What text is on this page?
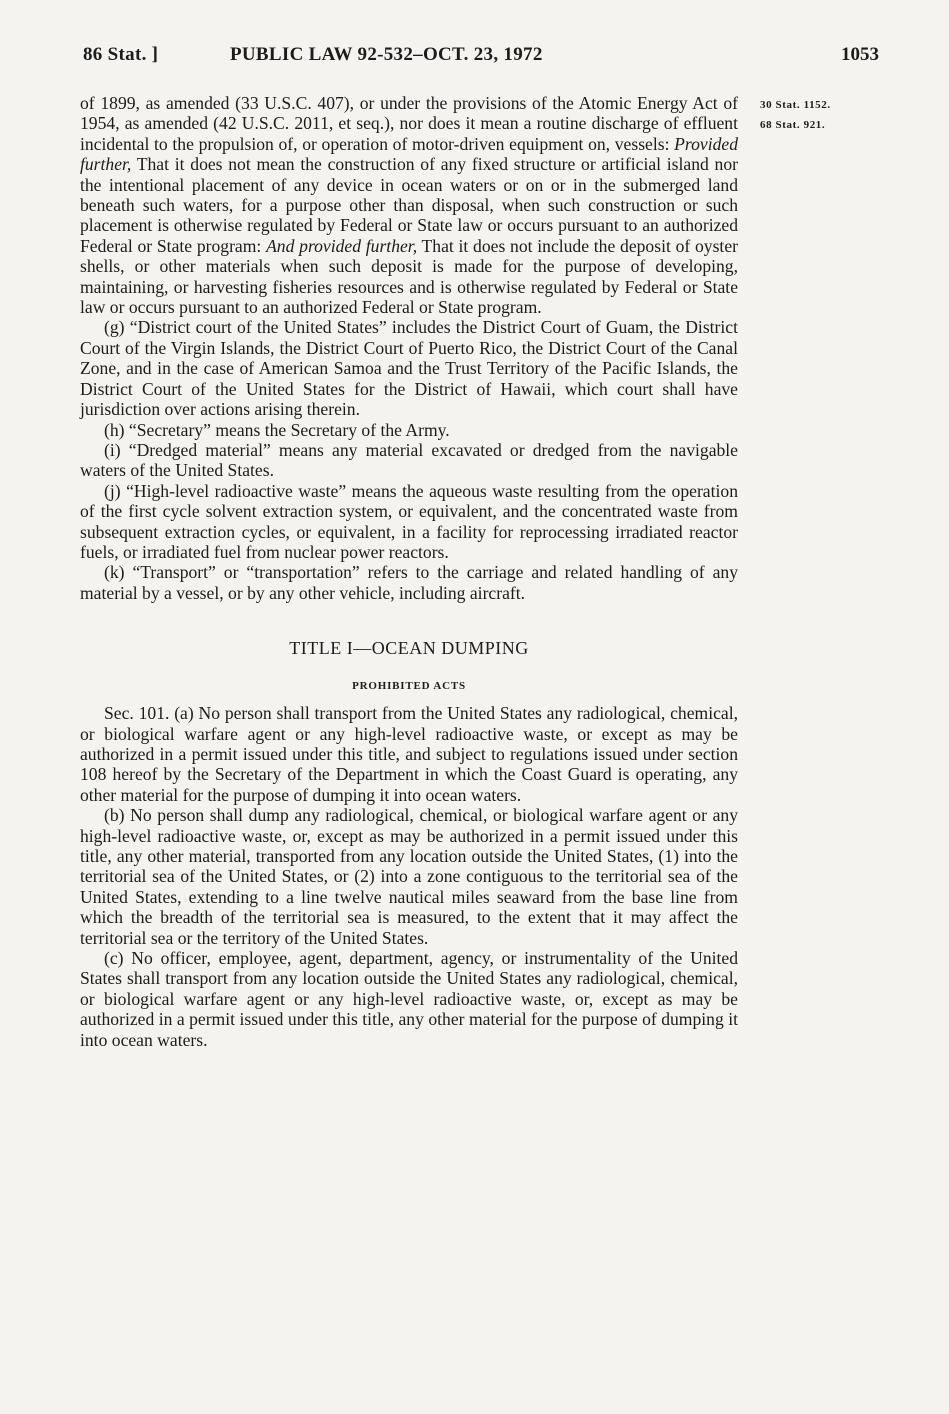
86 Stat. ]	PUBLIC LAW 92-532–OCT. 23, 1972	1053
30 Stat. 1152.
68 Stat. 921.

of 1899, as amended (33 U.S.C. 407), or under the provisions of the Atomic Energy Act of 1954, as amended (42 U.S.C. 2011, et seq.), nor does it mean a routine discharge of effluent incidental to the propulsion of, or operation of motor-driven equipment on, vessels: Provided further, That it does not mean the construction of any fixed structure or artificial island nor the intentional placement of any device in ocean waters or on or in the submerged land beneath such waters, for a purpose other than disposal, when such construction or such placement is otherwise regulated by Federal or State law or occurs pursuant to an authorized Federal or State program: And provided further, That it does not include the deposit of oyster shells, or other materials when such deposit is made for the purpose of developing, maintaining, or harvesting fisheries resources and is otherwise regulated by Federal or State law or occurs pursuant to an authorized Federal or State program.

(g) “District court of the United States” includes the District Court of Guam, the District Court of the Virgin Islands, the District Court of Puerto Rico, the District Court of the Canal Zone, and in the case of American Samoa and the Trust Territory of the Pacific Islands, the District Court of the United States for the District of Hawaii, which court shall have jurisdiction over actions arising therein.

(h) “Secretary” means the Secretary of the Army.

(i) “Dredged material” means any material excavated or dredged from the navigable waters of the United States.

(j) “High-level radioactive waste” means the aqueous waste resulting from the operation of the first cycle solvent extraction system, or equivalent, and the concentrated waste from subsequent extraction cycles, or equivalent, in a facility for reprocessing irradiated reactor fuels, or irradiated fuel from nuclear power reactors.

(k) “Transport” or “transportation” refers to the carriage and related handling of any material by a vessel, or by any other vehicle, including aircraft.

TITLE I—OCEAN DUMPING
PROHIBITED ACTS

Sec. 101. (a) No person shall transport from the United States any radiological, chemical, or biological warfare agent or any high-level radioactive waste, or except as may be authorized in a permit issued under this title, and subject to regulations issued under section 108 hereof by the Secretary of the Department in which the Coast Guard is operating, any other material for the purpose of dumping it into ocean waters.

(b) No person shall dump any radiological, chemical, or biological warfare agent or any high-level radioactive waste, or, except as may be authorized in a permit issued under this title, any other material, transported from any location outside the United States, (1) into the territorial sea of the United States, or (2) into a zone contiguous to the territorial sea of the United States, extending to a line twelve nautical miles seaward from the base line from which the breadth of the territorial sea is measured, to the extent that it may affect the territorial sea or the territory of the United States.

(c) No officer, employee, agent, department, agency, or instrumentality of the United States shall transport from any location outside the United States any radiological, chemical, or biological warfare agent or any high-level radioactive waste, or, except as may be authorized in a permit issued under this title, any other material for the purpose of dumping it into ocean waters.
